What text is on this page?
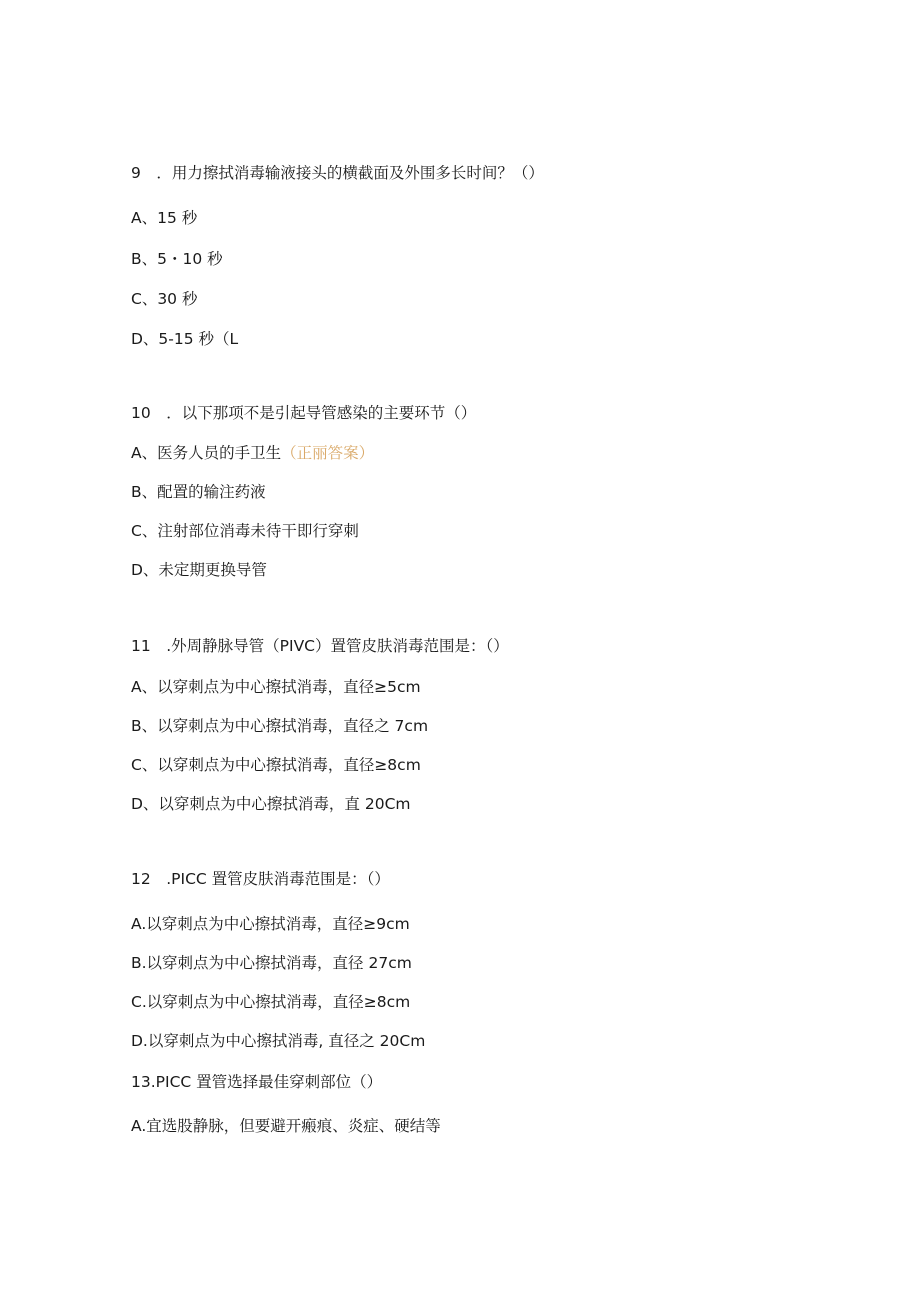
9　．用力擦拭消毒输液接头的横截面及外围多长时间？（）
A、15 秒
B、5・10 秒
C、30 秒
D、5-15 秒（L
10　．以下那项不是引起导管感染的主要环节（）
A、医务人员的手卫生（正丽答案）
B、配置的输注药液
C、注射部位消毒未待干即行穿刺
D、未定期更换导管
11　.外周静脉导管（PIVC）置管皮肤消毒范围是：（）
A、以穿刺点为中心擦拭消毒，直径≥5cm
B、以穿刺点为中心擦拭消毒，直径之 7cm
C、以穿刺点为中心擦拭消毒，直径≥8cm
D、以穿刺点为中心擦拭消毒，直 20Cm
12　.PICC 置管皮肤消毒范围是：（）
A.以穿刺点为中心擦拭消毒，直径≥9cm
B.以穿刺点为中心擦拭消毒，直径 27cm
C.以穿刺点为中心擦拭消毒，直径≥8cm
D.以穿刺点为中心擦拭消毒, 直径之 20Cm
13.PICC 置管选择最佳穿刺部位（）
A.宜选股静脉，但要避开瘢痕、炎症、硬结等
